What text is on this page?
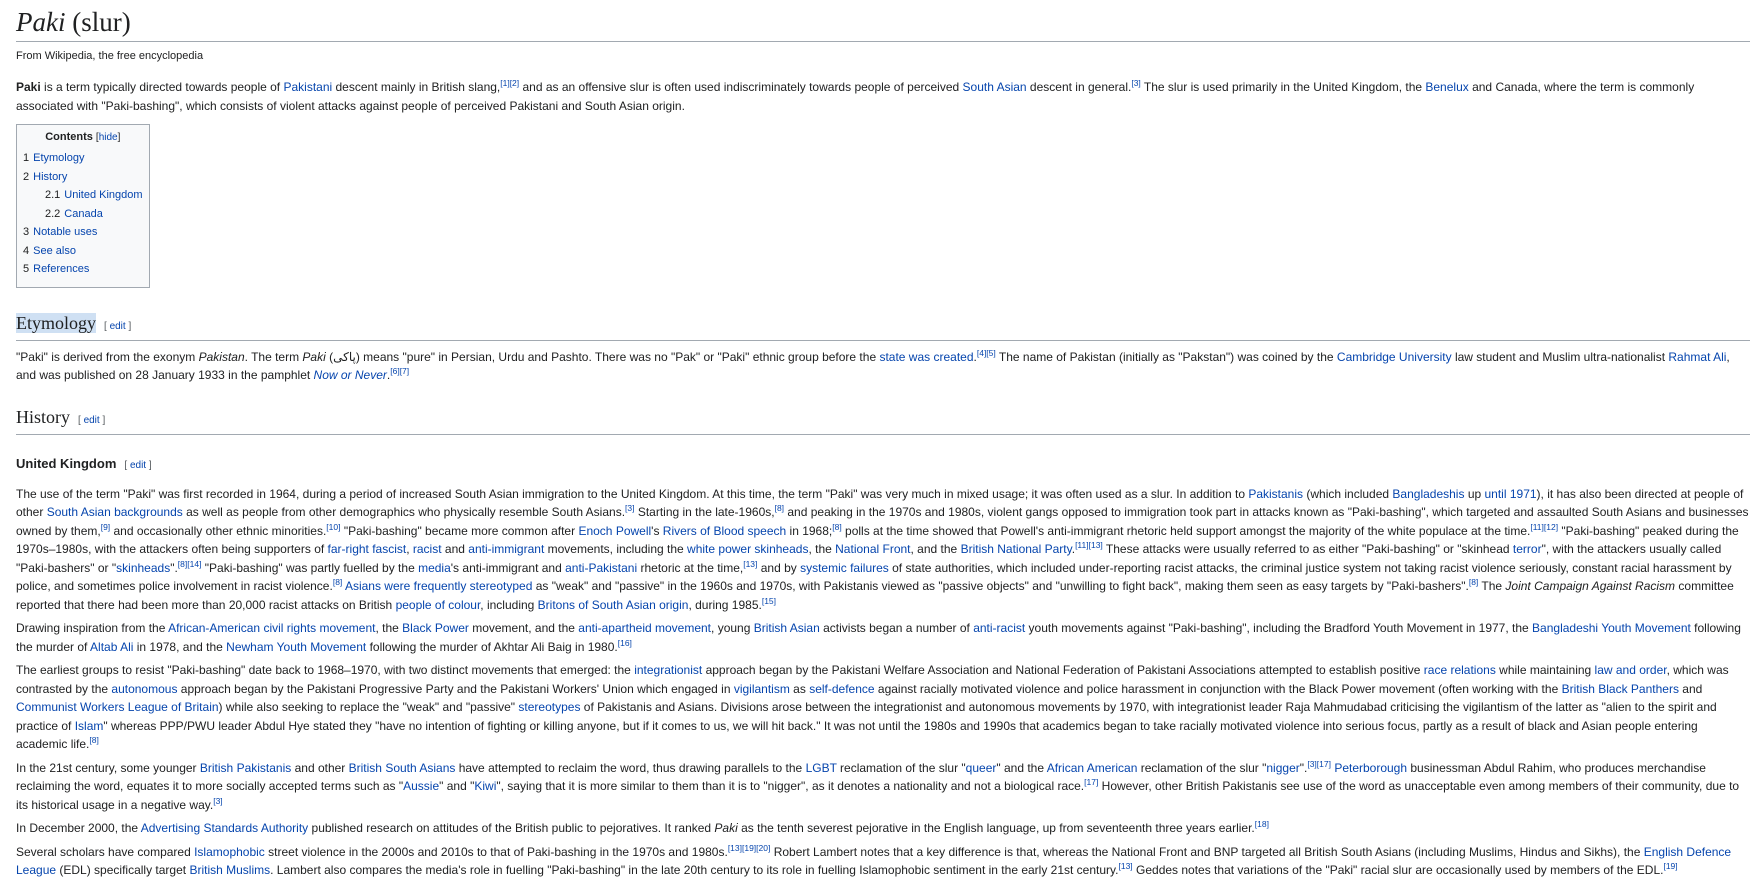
Paki (slur)
From Wikipedia, the free encyclopedia

Paki is a term typically directed towards people of Pakistani descent mainly in British slang,[1][2] and as an offensive slur is often used indiscriminately towards people of perceived South Asian descent in general.[3] The slur is used primarily in the United Kingdom, the Benelux and Canada, where the term is commonly associated with "Paki-bashing", which consists of violent attacks against people of perceived Pakistani and South Asian origin.

Contents [hide]
1 Etymology
2 History
2.1 United Kingdom
2.2 Canada
3 Notable uses
4 See also
5 References
Etymology [ edit ]

"Paki" is derived from the exonym Pakistan. The term Paki (پاکی) means "pure" in Persian, Urdu and Pashto. There was no "Pak" or "Paki" ethnic group before the state was created.[4][5] The name of Pakistan (initially as "Pakstan") was coined by the Cambridge University law student and Muslim ultra-nationalist Rahmat Ali, and was published on 28 January 1933 in the pamphlet Now or Never.[6][7]

History [ edit ]
United Kingdom [ edit ]

The use of the term "Paki" was first recorded in 1964, during a period of increased South Asian immigration to the United Kingdom. At this time, the term "Paki" was very much in mixed usage; it was often used as a slur. In addition to Pakistanis (which included Bangladeshis up until 1971), it has also been directed at people of other South Asian backgrounds as well as people from other demographics who physically resemble South Asians.[3] Starting in the late-1960s,[8] and peaking in the 1970s and 1980s, violent gangs opposed to immigration took part in attacks known as "Paki-bashing", which targeted and assaulted South Asians and businesses owned by them,[9] and occasionally other ethnic minorities.[10] "Paki-bashing" became more common after Enoch Powell's Rivers of Blood speech in 1968;[8] polls at the time showed that Powell's anti-immigrant rhetoric held support amongst the majority of the white populace at the time.[11][12] "Paki-bashing" peaked during the 1970s–1980s, with the attackers often being supporters of far-right fascist, racist and anti-immigrant movements, including the white power skinheads, the National Front, and the British National Party.[11][13] These attacks were usually referred to as either "Paki-bashing" or "skinhead terror", with the attackers usually called "Paki-bashers" or "skinheads".[8][14] "Paki-bashing" was partly fuelled by the media's anti-immigrant and anti-Pakistani rhetoric at the time,[13] and by systemic failures of state authorities, which included under-reporting racist attacks, the criminal justice system not taking racist violence seriously, constant racial harassment by police, and sometimes police involvement in racist violence.[8] Asians were frequently stereotyped as "weak" and "passive" in the 1960s and 1970s, with Pakistanis viewed as "passive objects" and "unwilling to fight back", making them seen as easy targets by "Paki-bashers".[8] The Joint Campaign Against Racism committee reported that there had been more than 20,000 racist attacks on British people of colour, including Britons of South Asian origin, during 1985.[15]

Drawing inspiration from the African-American civil rights movement, the Black Power movement, and the anti-apartheid movement, young British Asian activists began a number of anti-racist youth movements against "Paki-bashing", including the Bradford Youth Movement in 1977, the Bangladeshi Youth Movement following the murder of Altab Ali in 1978, and the Newham Youth Movement following the murder of Akhtar Ali Baig in 1980.[16]

The earliest groups to resist "Paki-bashing" date back to 1968–1970, with two distinct movements that emerged: the integrationist approach began by the Pakistani Welfare Association and National Federation of Pakistani Associations attempted to establish positive race relations while maintaining law and order, which was contrasted by the autonomous approach began by the Pakistani Progressive Party and the Pakistani Workers' Union which engaged in vigilantism as self-defence against racially motivated violence and police harassment in conjunction with the Black Power movement (often working with the British Black Panthers and Communist Workers League of Britain) while also seeking to replace the "weak" and "passive" stereotypes of Pakistanis and Asians. Divisions arose between the integrationist and autonomous movements by 1970, with integrationist leader Raja Mahmudabad criticising the vigilantism of the latter as "alien to the spirit and practice of Islam" whereas PPP/PWU leader Abdul Hye stated they "have no intention of fighting or killing anyone, but if it comes to us, we will hit back." It was not until the 1980s and 1990s that academics began to take racially motivated violence into serious focus, partly as a result of black and Asian people entering academic life.[8]

In the 21st century, some younger British Pakistanis and other British South Asians have attempted to reclaim the word, thus drawing parallels to the LGBT reclamation of the slur "queer" and the African American reclamation of the slur "nigger".[3][17] Peterborough businessman Abdul Rahim, who produces merchandise reclaiming the word, equates it to more socially accepted terms such as "Aussie" and "Kiwi", saying that it is more similar to them than it is to "nigger", as it denotes a nationality and not a biological race.[17] However, other British Pakistanis see use of the word as unacceptable even among members of their community, due to its historical usage in a negative way.[3]

In December 2000, the Advertising Standards Authority published research on attitudes of the British public to pejoratives. It ranked Paki as the tenth severest pejorative in the English language, up from seventeenth three years earlier.[18]

Several scholars have compared Islamophobic street violence in the 2000s and 2010s to that of Paki-bashing in the 1970s and 1980s.[13][19][20] Robert Lambert notes that a key difference is that, whereas the National Front and BNP targeted all British South Asians (including Muslims, Hindus and Sikhs), the English Defence League (EDL) specifically target British Muslims. Lambert also compares the media's role in fuelling "Paki-bashing" in the late 20th century to its role in fuelling Islamophobic sentiment in the early 21st century.[13] Geddes notes that variations of the "Paki" racial slur are occasionally used by members of the EDL.[19]
